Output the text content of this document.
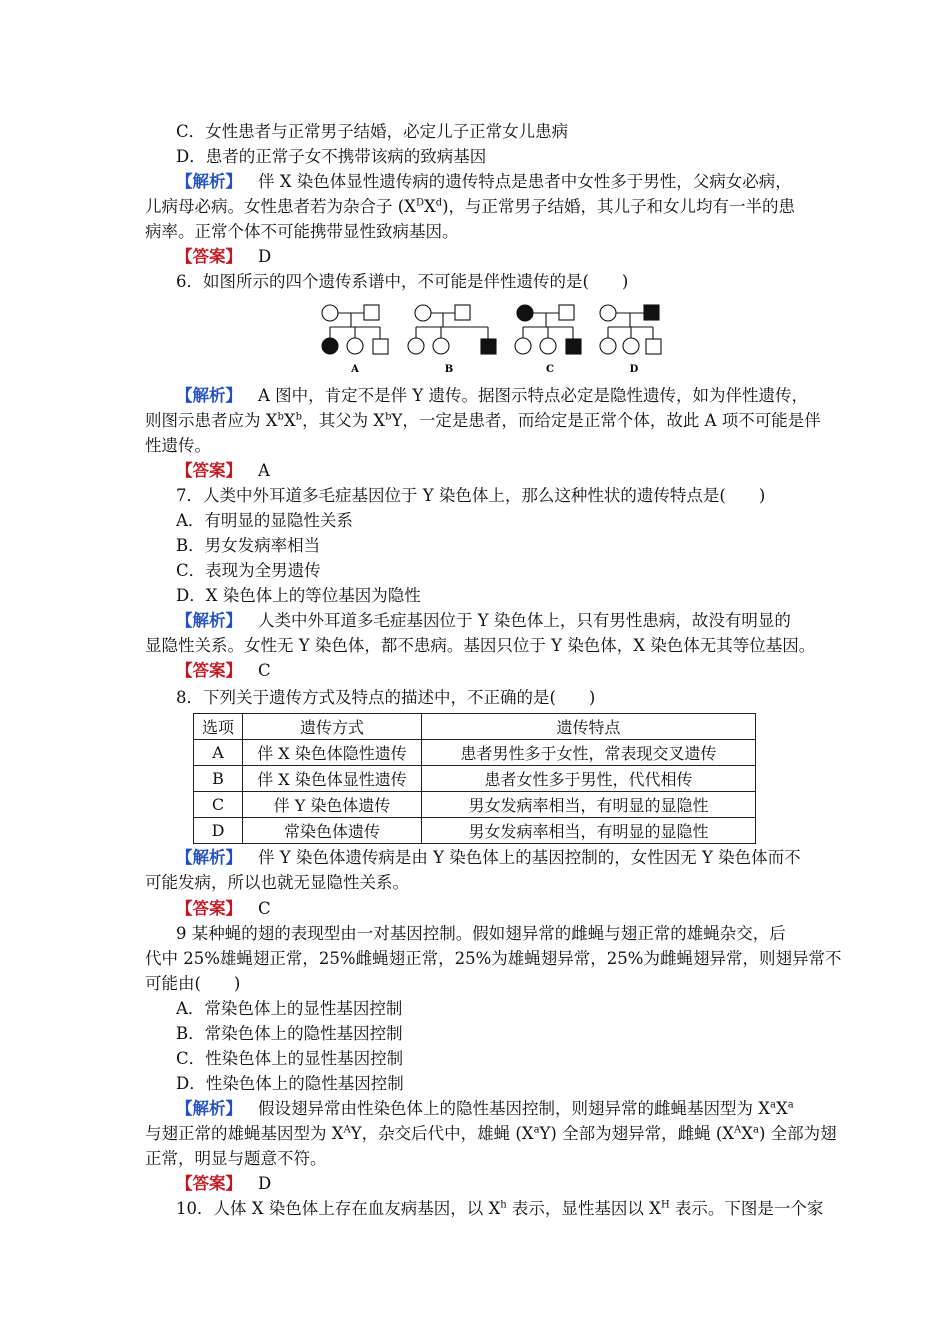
C．女性患者与正常男子结婚，必定儿子正常女儿患病
D．患者的正常子女不携带该病的致病基因
【解析】 伴 X 染色体显性遗传病的遗传特点是患者中女性多于男性，父病女必病，
儿病母必病。女性患者若为杂合子 $(X^DX^d)$，与正常男子结婚，其儿子和女儿均有一半的患
病率。正常个体不可能携带显性致病基因。
【答案】 D
6．如图所示的四个遗传系谱中，不可能是伴性遗传的是(　　)
A	B	C	D
【解析】 A 图中，肯定不是伴 Y 遗传。据图示特点必定是隐性遗传，如为伴性遗传，
则图示患者应为 $X^bX^b$，其父为 $X^bY$，一定是患者，而给定是正常个体，故此 A 项不可能是伴
性遗传。
【答案】 A
7．人类中外耳道多毛症基因位于 Y 染色体上，那么这种性状的遗传特点是(　　)
A．有明显的显隐性关系
B．男女发病率相当
C．表现为全男遗传
D．X 染色体上的等位基因为隐性
【解析】 人类中外耳道多毛症基因位于 Y 染色体上，只有男性患病，故没有明显的
显隐性关系。女性无 Y 染色体，都不患病。基因只位于 Y 染色体，X 染色体无其等位基因。
【答案】 C
8．下列关于遗传方式及特点的描述中，不正确的是(　　)
选项	遗传方式	遗传特点
A	伴 X 染色体隐性遗传	患者男性多于女性，常表现交叉遗传
B	伴 X 染色体显性遗传	患者女性多于男性，代代相传
C	伴 Y 染色体遗传	男女发病率相当，有明显的显隐性
D	常染色体遗传	男女发病率相当，有明显的显隐性
【解析】 伴 Y 染色体遗传病是由 Y 染色体上的基因控制的，女性因无 Y 染色体而不
可能发病，所以也就无显隐性关系。
【答案】 C
9 某种蝇的翅的表现型由一对基因控制。假如翅异常的雌蝇与翅正常的雄蝇杂交，后
代中 25%雄蝇翅正常，25%雌蝇翅正常，25%为雄蝇翅异常，25%为雌蝇翅异常，则翅异常不
可能由(　　)
A．常染色体上的显性基因控制
B．常染色体上的隐性基因控制
C．性染色体上的显性基因控制
D．性染色体上的隐性基因控制
【解析】 假设翅异常由性染色体上的隐性基因控制，则翅异常的雌蝇基因型为 $X^aX^a$
与翅正常的雄蝇基因型为 $X^AY$，杂交后代中，雄蝇 $(X^aY)$ 全部为翅异常，雌蝇 $(X^AX^a)$ 全部为翅
正常，明显与题意不符。
【答案】 D
10．人体 X 染色体上存在血友病基因，以 $X^h$ 表示，显性基因以 $X^H$ 表示。下图是一个家
